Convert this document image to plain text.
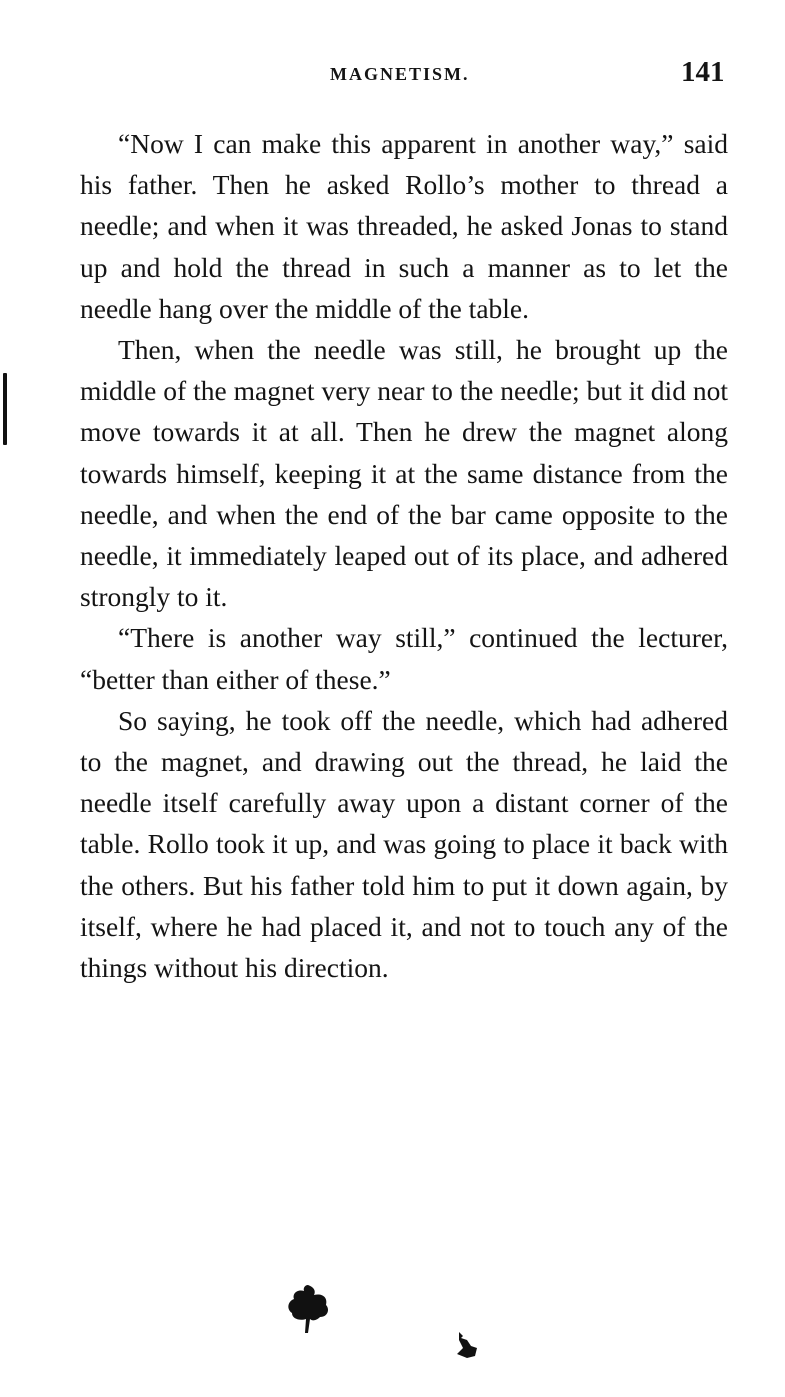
MAGNETISM.	141

“Now I can make this apparent in another way,” said his father. Then he asked Rollo’s mother to thread a needle; and when it was threaded, he asked Jonas to stand up and hold the thread in such a manner as to let the needle hang over the middle of the table.

Then, when the needle was still, he brought up the middle of the magnet very near to the needle; but it did not move towards it at all. Then he drew the magnet along towards himself, keeping it at the same distance from the needle, and when the end of the bar came opposite to the needle, it immediately leaped out of its place, and adhered strongly to it.

“There is another way still,” continued the lecturer, “better than either of these.”

So saying, he took off the needle, which had adhered to the magnet, and drawing out the thread, he laid the needle itself carefully away upon a distant corner of the table. Rollo took it up, and was going to place it back with the others. But his father told him to put it down again, by itself, where he had placed it, and not to touch any of the things without his direction.
